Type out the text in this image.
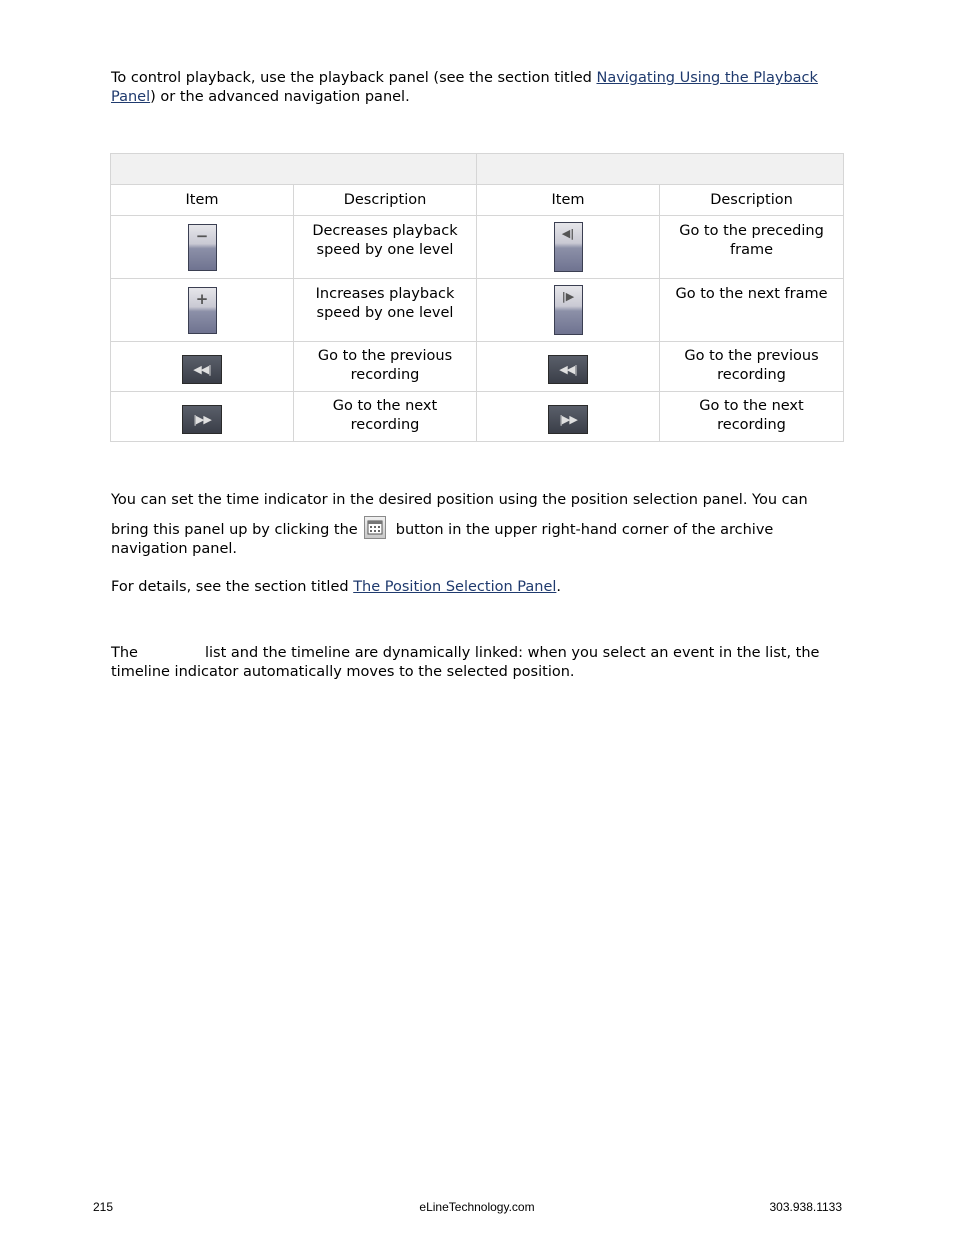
To control playback, use the playback panel (see the section titled Navigating Using the Playback Panel) or the advanced navigation panel.

Item	Description	Item	Description

−	Decreases playback speed by one level	◀|	Go to the preceding frame

+	Increases playback speed by one level	|▶	Go to the next frame
◀◀|	Go to the previous recording	◀◀|	Go to the previous recording
|▶▶	Go to the next recording	|▶▶	Go to the next recording
You can set the time indicator in the desired position using the position selection panel. You can
bring this panel up by clicking the	button in the upper right-hand corner of the archive navigation panel.
For details, see the section titled The Position Selection Panel.
The	list and the timeline are dynamically linked: when you select an event in the list, the timeline indicator automatically moves to the selected position.
215	eLineTechnology.com	303.938.1133
